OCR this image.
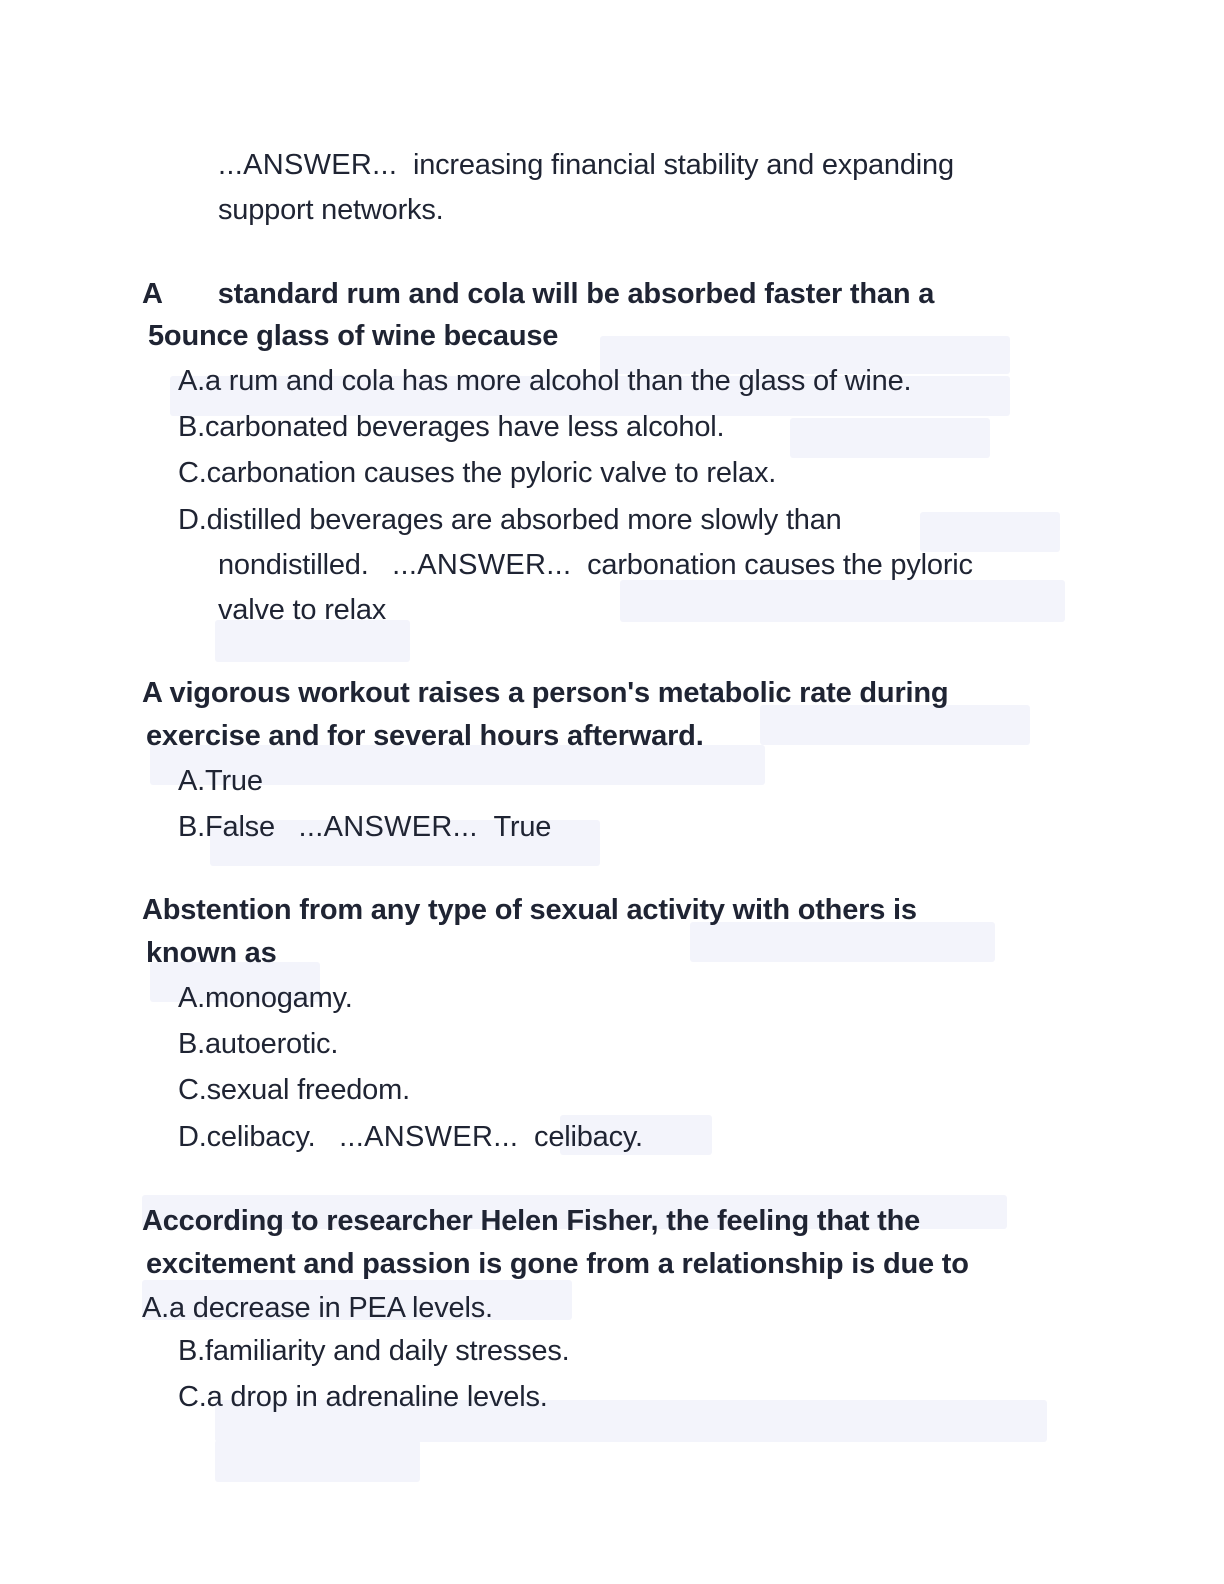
...ANSWER... increasing financial stability and expanding
support networks.
A standard rum and cola will be absorbed faster than a
5ounce glass of wine because
A.a rum and cola has more alcohol than the glass of wine.
B.carbonated beverages have less alcohol.
C.carbonation causes the pyloric valve to relax.
D.distilled beverages are absorbed more slowly than
nondistilled. ...ANSWER... carbonation causes the pyloric
valve to relax
A vigorous workout raises a person's metabolic rate during
exercise and for several hours afterward.
A.True
B.False ...ANSWER... True
Abstention from any type of sexual activity with others is
known as
A.monogamy.
B.autoerotic.
C.sexual freedom.
D.celibacy. ...ANSWER... celibacy.
According to researcher Helen Fisher, the feeling that the
excitement and passion is gone from a relationship is due to
A.a decrease in PEA levels.
B.familiarity and daily stresses.
C.a drop in adrenaline levels.
